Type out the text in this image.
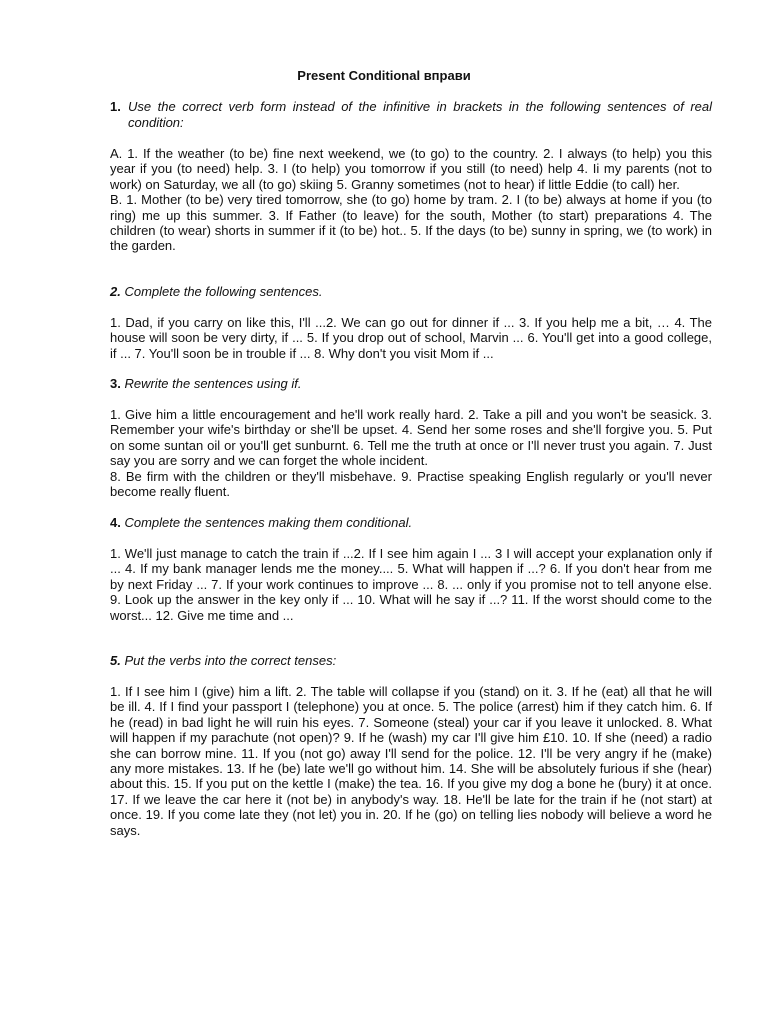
Present Conditional вправи
1. Use the correct verb form instead of the infinitive in brackets in the following sentences of real condition:

A. 1. If the weather (to be) fine next weekend, we (to go) to the country. 2. I always (to help) you this year if you (to need) help. 3. I (to help) you tomorrow if you still (to need) help 4. Ii my parents (not to work) on Saturday, we all (to go) skiing 5. Granny sometimes (not to hear) if little Eddie (to call) her.

B. 1. Mother (to be) very tired tomorrow, she (to go) home by tram. 2. I (to be) always at home if you (to ring) me up this summer. 3. If Father (to leave) for the south, Mother (to start) preparations 4. The children (to wear) shorts in summer if it (to be) hot.. 5. If the days (to be) sunny in spring, we (to work) in the garden.

2. Complete the following sentences.

1. Dad, if you carry on like this, I'll ...2. We can go out for dinner if ... 3. If you help me a bit, … 4. The house will soon be very dirty, if ... 5. If you drop out of school, Marvin ... 6. You'll get into a good college, if ... 7. You'll soon be in trouble if ... 8. Why don't you visit Mom if ...

3. Rewrite the sentences using if.

1. Give him a little encouragement and he'll work really hard. 2. Take a pill and you won't be seasick. 3. Remember your wife's birthday or she'll be upset. 4. Send her some roses and she'll forgive you. 5. Put on some suntan oil or you'll get sunburnt. 6. Tell me the truth at once or I'll never trust you again. 7. Just say you are sorry and we can forget the whole incident.

8. Be firm with the children or they'll misbehave. 9. Practise speaking English regularly or you'll never become really fluent.

4. Complete the sentences making them conditional.

1. We'll just manage to catch the train if ...2. If I see him again I ... 3 I will accept your explanation only if ... 4. If my bank manager lends me the money.... 5. What will happen if ...? 6. If you don't hear from me by next Friday ... 7. If your work continues to improve ... 8. ... only if you promise not to tell anyone else. 9. Look up the answer in the key only if ... 10. What will he say if ...? 11. If the worst should come to the worst... 12. Give me time and ...

5. Put the verbs into the correct tenses:

1. If I see him I (give) him a lift. 2. The table will collapse if you (stand) on it. 3. If he (eat) all that he will be ill. 4. If I find your passport I (telephone) you at once. 5. The police (arrest) him if they catch him. 6. If he (read) in bad light he will ruin his eyes. 7. Someone (steal) your car if you leave it unlocked. 8. What will happen if my parachute (not open)? 9. If he (wash) my car I'll give him £10. 10. If she (need) a radio she can borrow mine. 11. If you (not go) away I'll send for the police. 12. I'll be very angry if he (make) any more mistakes. 13. If he (be) late we'll go without him. 14. She will be absolutely furious if she (hear) about this. 15. If you put on the kettle I (make) the tea. 16. If you give my dog a bone he (bury) it at once. 17. If we leave the car here it (not be) in anybody's way. 18. He'll be late for the train if he (not start) at once. 19. If you come late they (not let) you in. 20. If he (go) on telling lies nobody will believe a word he says.
